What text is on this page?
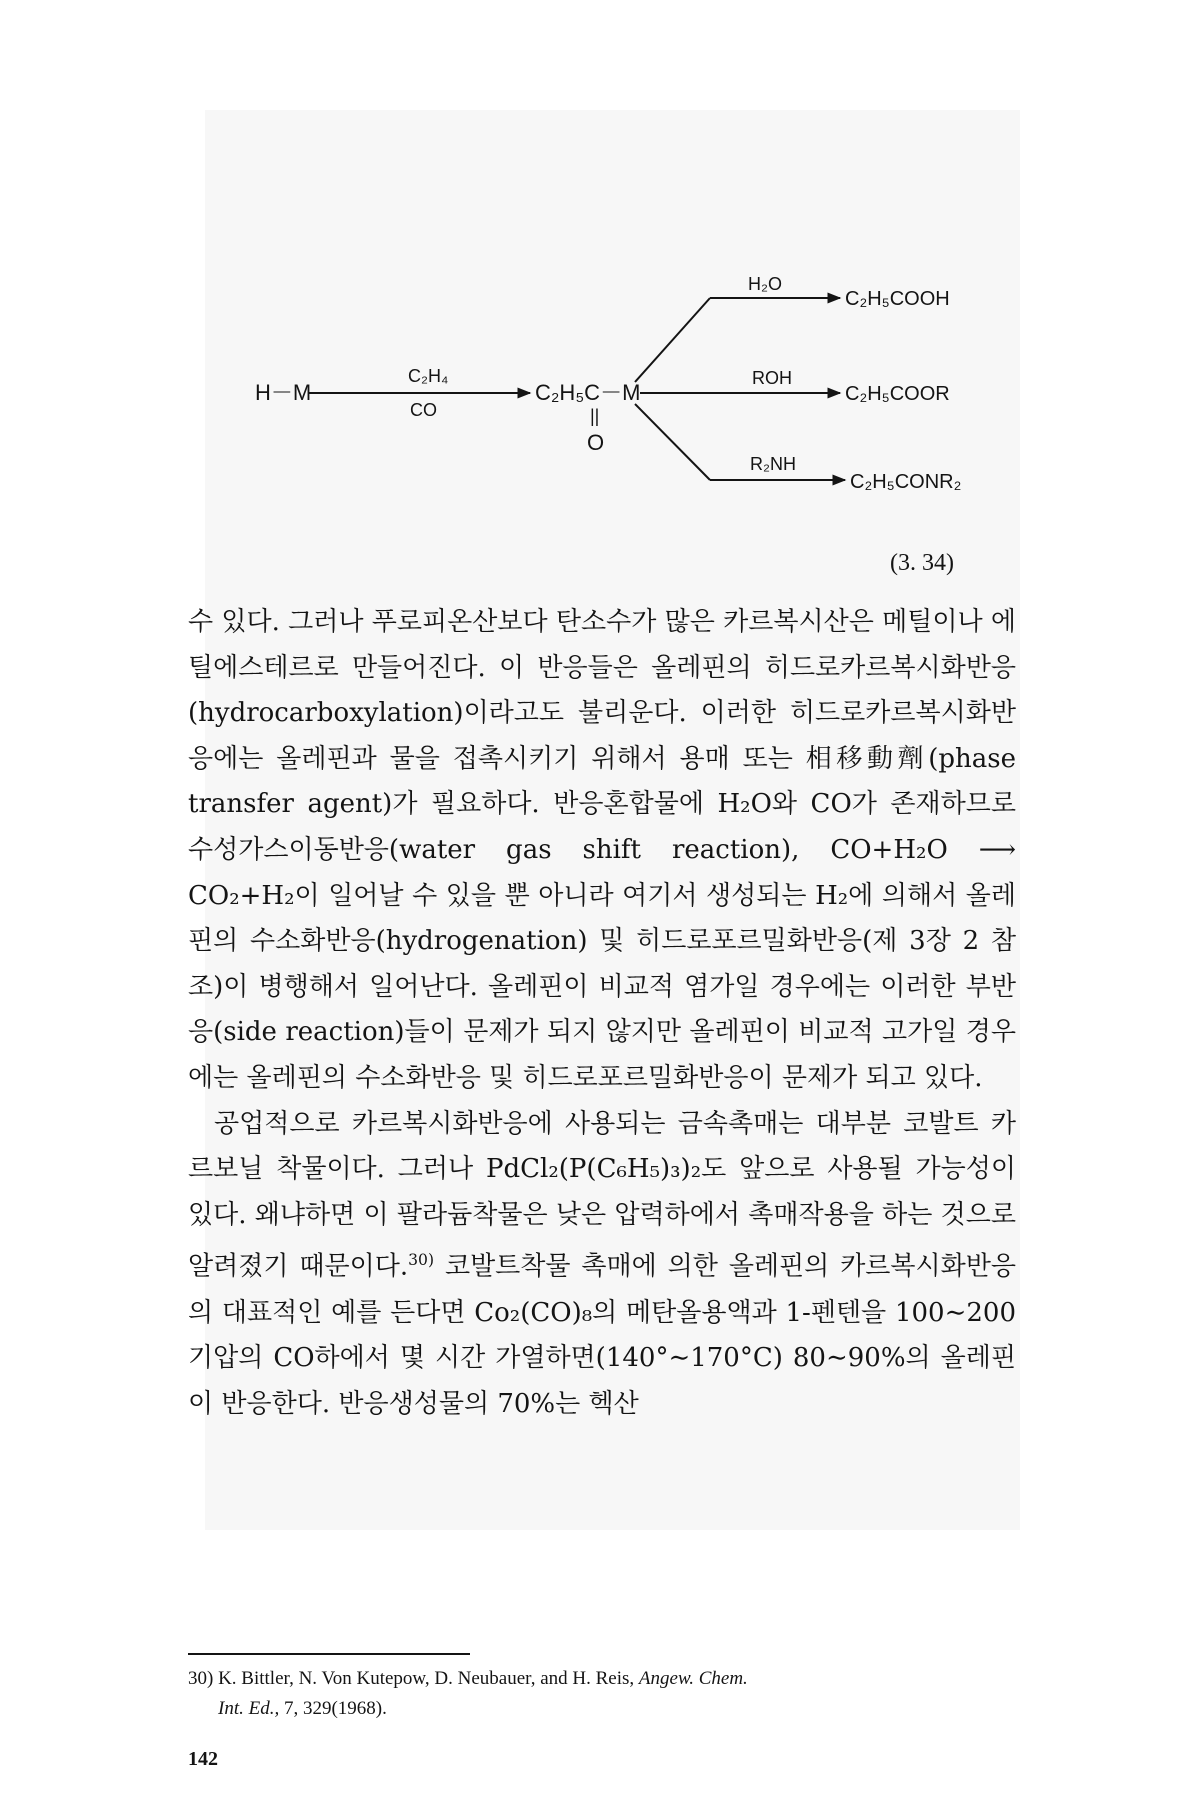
H－M
C₂H₄
CO
C₂H₅C－M
||
O
H₂O
C₂H₅COOH
ROH
C₂H₅COOR
R₂NH
C₂H₅CONR₂
(3. 34)

수 있다. 그러나 푸로피온산보다 탄소수가 많은 카르복시산은 메틸이나 에틸에스테르로 만들어진다. 이 반응들은 올레핀의 히드로카르복시화반응(hydrocarboxylation)이라고도 불리운다. 이러한 히드로카르복시화반응에는 올레핀과 물을 접촉시키기 위해서 용매 또는 相移動劑(phase transfer agent)가 필요하다. 반응혼합물에 H₂O와 CO가 존재하므로 수성가스이동반응(water gas shift reaction), CO+H₂O ⟶ CO₂+H₂이 일어날 수 있을 뿐 아니라 여기서 생성되는 H₂에 의해서 올레핀의 수소화반응(hydrogenation) 및 히드로포르밀화반응(제 3장 2 참조)이 병행해서 일어난다. 올레핀이 비교적 염가일 경우에는 이러한 부반응(side reaction)들이 문제가 되지 않지만 올레핀이 비교적 고가일 경우에는 올레핀의 수소화반응 및 히드로포르밀화반응이 문제가 되고 있다.

공업적으로 카르복시화반응에 사용되는 금속촉매는 대부분 코발트 카르보닐 착물이다. 그러나 PdCl₂(P(C₆H₅)₃)₂도 앞으로 사용될 가능성이 있다. 왜냐하면 이 팔라듐착물은 낮은 압력하에서 촉매작용을 하는 것으로 알려졌기 때문이다.$^{30)}$ 코발트착물 촉매에 의한 올레핀의 카르복시화반응의 대표적인 예를 든다면 Co₂(CO)₈의 메탄올용액과 1-펜텐을 100∼200기압의 CO하에서 몇 시간 가열하면(140°∼170°C) 80∼90%의 올레핀이 반응한다. 반응생성물의 70%는 헥산

30) K. Bittler, N. Von Kutepow, D. Neubauer, and H. Reis, Angew. Chem.
Int. Ed., 7, 329(1968).
142
